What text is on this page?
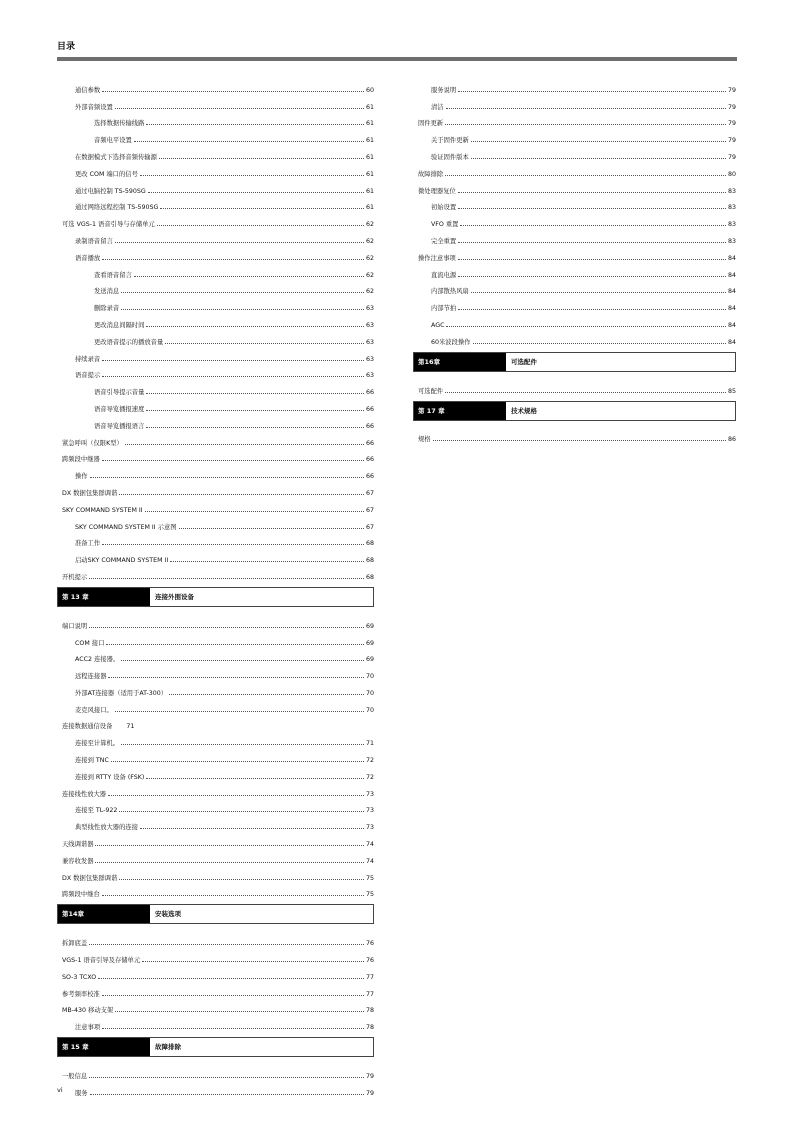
目录
通信参数	60
外部音频设置	61
选择数据传输线路	61
音频电平设置	61
在数据模式下选择音频传输源	61
更改 COM 端口的信号	61
通过电脑控制 TS-590SG	61
通过网络远程控制 TS-590SG	61
可选 VGS-1 语音引导与存储单元	62
录制语音留言	62
语音播放	62
查看语音留言	62
发送消息	62
删除录音	63
更改消息间隔时间	63
更改语音提示的播放音量	63
持续录音	63
语音提示	63
语音引导提示音量	66
语音导览播报速度	66
语音导览播报语言	66
紧急呼叫（仅限K型）	66
跨频段中继器	66
操作	66
DX 数据包集群调谐	67
SKY COMMAND SYSTEM II	67
SKY COMMAND SYSTEM II 示意图	67
准备工作	68
启动SKY COMMAND SYSTEM II	68
开机提示	68
第 13 章	连接外围设备
端口说明	69
COM 接口	69
ACC2 连接器。	69
远程连接器	70
外部AT连接器（适用于AT-300）	70
麦克风接口。	70
连接数据通信设备 71
连接至计算机。	71
连接到 TNC	72
连接到 RTTY 设备 (FSK)	72
连接线性放大器	73
连接至 TL-922	73
典型线性放大器的连接	73
天线调谐器	74
兼容收发器	74
DX 数据包集群调谐	75
跨频段中继台	75
第14章	安装选项
拆卸底盖	76
VGS-1 语音引导及存储单元	76
SO-3 TCXO	77
参考频率校准	77
MB-430 移动支架	78
注意事项	78
第 15 章	故障排除
一般信息	79
服务	79
服务说明	79
清洁	79
固件更新	79
关于固件更新	79
验证固件版本	79
故障排除	80
微处理器复位	83
初始设置	83
VFO 重置	83
完全重置	83
操作注意事项	84
直流电源	84
内部散热风扇	84
内部节拍	84
AGC	84
60米波段操作	84
第16章	可选配件
可选配件	85
第 17 章	技术规格
规格	86
vi
